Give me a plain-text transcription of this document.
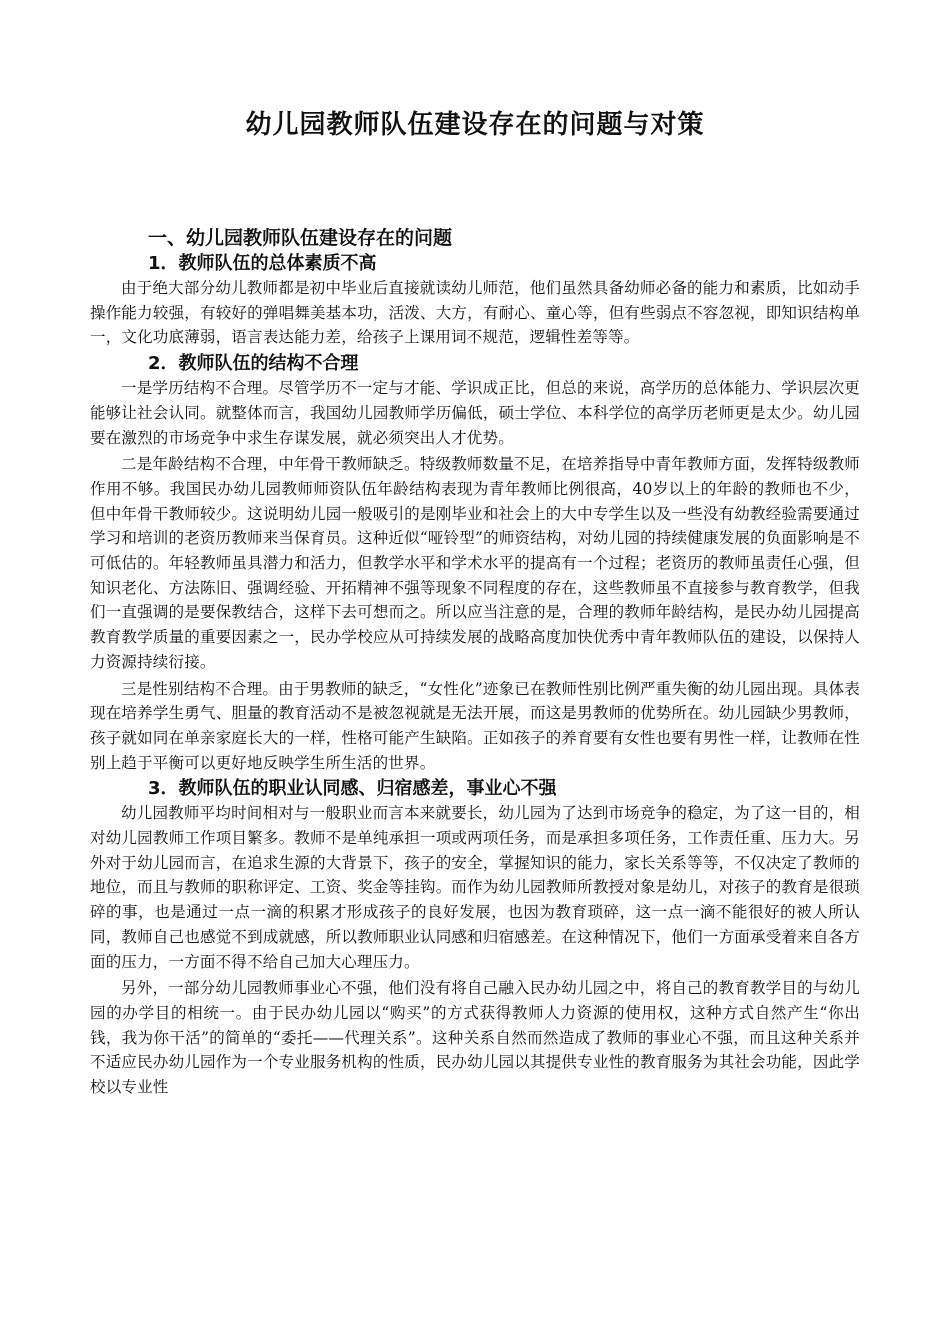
幼儿园教师队伍建设存在的问题与对策
一、幼儿园教师队伍建设存在的问题
1．教师队伍的总体素质不高

由于绝大部分幼儿教师都是初中毕业后直接就读幼儿师范，他们虽然具备幼师必备的能力和素质，比如动手操作能力较强，有较好的弹唱舞美基本功，活泼、大方，有耐心、童心等，但有些弱点不容忽视，即知识结构单一，文化功底薄弱，语言表达能力差，给孩子上课用词不规范，逻辑性差等等。

2．教师队伍的结构不合理

一是学历结构不合理。尽管学历不一定与才能、学识成正比，但总的来说，高学历的总体能力、学识层次更能够让社会认同。就整体而言，我国幼儿园教师学历偏低，硕士学位、本科学位的高学历老师更是太少。幼儿园要在激烈的市场竞争中求生存谋发展，就必须突出人才优势。

二是年龄结构不合理，中年骨干教师缺乏。特级教师数量不足，在培养指导中青年教师方面，发挥特级教师作用不够。我国民办幼儿园教师师资队伍年龄结构表现为青年教师比例很高，40岁以上的年龄的教师也不少，但中年骨干教师较少。这说明幼儿园一般吸引的是刚毕业和社会上的大中专学生以及一些没有幼教经验需要通过学习和培训的老资历教师来当保育员。这种近似“哑铃型”的师资结构，对幼儿园的持续健康发展的负面影响是不可低估的。年轻教师虽具潜力和活力，但教学水平和学术水平的提高有一个过程；老资历的教师虽责任心强，但知识老化、方法陈旧、强调经验、开拓精神不强等现象不同程度的存在，这些教师虽不直接参与教育教学，但我们一直强调的是要保教结合，这样下去可想而之。所以应当注意的是，合理的教师年龄结构，是民办幼儿园提高教育教学质量的重要因素之一，民办学校应从可持续发展的战略高度加快优秀中青年教师队伍的建设，以保持人力资源持续衍接。

三是性别结构不合理。由于男教师的缺乏，“女性化”迹象已在教师性别比例严重失衡的幼儿园出现。具体表现在培养学生勇气、胆量的教育活动不是被忽视就是无法开展，而这是男教师的优势所在。幼儿园缺少男教师，孩子就如同在单亲家庭长大的一样，性格可能产生缺陷。正如孩子的养育要有女性也要有男性一样，让教师在性别上趋于平衡可以更好地反映学生所生活的世界。

3．教师队伍的职业认同感、归宿感差，事业心不强

幼儿园教师平均时间相对与一般职业而言本来就要长，幼儿园为了达到市场竞争的稳定，为了这一目的，相对幼儿园教师工作项目繁多。教师不是单纯承担一项或两项任务，而是承担多项任务，工作责任重、压力大。另外对于幼儿园而言，在追求生源的大背景下，孩子的安全，掌握知识的能力，家长关系等等，不仅决定了教师的地位，而且与教师的职称评定、工资、奖金等挂钩。而作为幼儿园教师所教授对象是幼儿，对孩子的教育是很琐碎的事，也是通过一点一滴的积累才形成孩子的良好发展，也因为教育琐碎，这一点一滴不能很好的被人所认同，教师自己也感觉不到成就感，所以教师职业认同感和归宿感差。在这种情况下，他们一方面承受着来自各方面的压力，一方面不得不给自己加大心理压力。

另外，一部分幼儿园教师事业心不强，他们没有将自己融入民办幼儿园之中，将自己的教育教学目的与幼儿园的办学目的相统一。由于民办幼儿园以“购买”的方式获得教师人力资源的使用权，这种方式自然产生“你出钱，我为你干活”的简单的“委托——代理关系”。这种关系自然而然造成了教师的事业心不强，而且这种关系并不适应民办幼儿园作为一个专业服务机构的性质，民办幼儿园以其提供专业性的教育服务为其社会功能，因此学校以专业性
